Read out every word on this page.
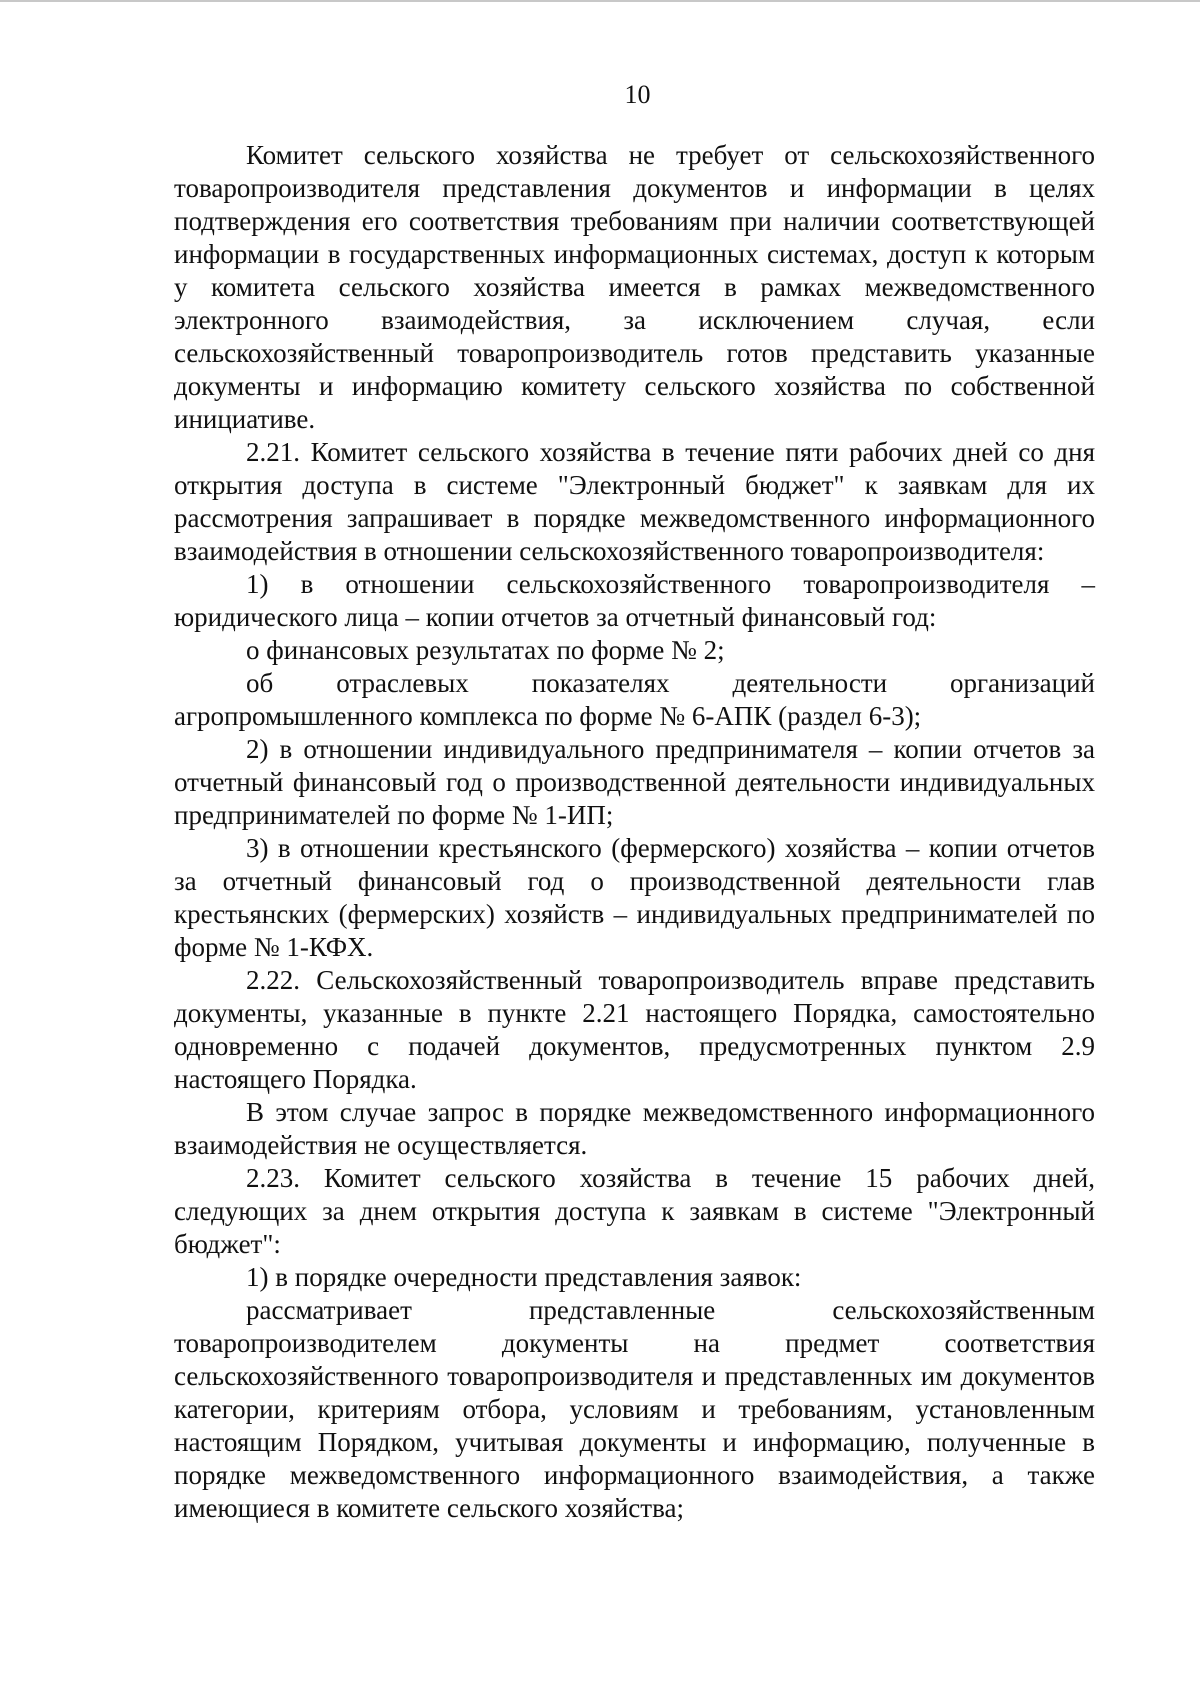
10

Комитет сельского хозяйства не требует от сельскохозяйственного товаропроизводителя представления документов и информации в целях подтверждения его соответствия требованиям при наличии соответствующей информации в государственных информационных системах, доступ к которым у комитета сельского хозяйства имеется в рамках межведомственного электронного взаимодействия, за исключением случая, если сельскохозяйственный товаропроизводитель готов представить указанные документы и информацию комитету сельского хозяйства по собственной инициативе.

2.21. Комитет сельского хозяйства в течение пяти рабочих дней со дня открытия доступа в системе "Электронный бюджет" к заявкам для их рассмотрения запрашивает в порядке межведомственного информационного взаимодействия в отношении сельскохозяйственного товаропроизводителя:

1) в отношении сельскохозяйственного товаропроизводителя – юридического лица – копии отчетов за отчетный финансовый год:

о финансовых результатах по форме № 2;

об отраслевых показателях деятельности организаций агропромышленного комплекса по форме № 6-АПК (раздел 6-3);

2) в отношении индивидуального предпринимателя – копии отчетов за отчетный финансовый год о производственной деятельности индивидуальных предпринимателей по форме № 1-ИП;

3) в отношении крестьянского (фермерского) хозяйства – копии отчетов за отчетный финансовый год о производственной деятельности глав крестьянских (фермерских) хозяйств – индивидуальных предпринимателей по форме № 1-КФХ.

2.22. Сельскохозяйственный товаропроизводитель вправе представить документы, указанные в пункте 2.21 настоящего Порядка, самостоятельно одновременно с подачей документов, предусмотренных пунктом 2.9 настоящего Порядка.

В этом случае запрос в порядке межведомственного информационного взаимодействия не осуществляется.

2.23. Комитет сельского хозяйства в течение 15 рабочих дней, следующих за днем открытия доступа к заявкам в системе "Электронный бюджет":

1) в порядке очередности представления заявок:

рассматривает представленные сельскохозяйственным товаропроизводителем документы на предмет соответствия сельскохозяйственного товаропроизводителя и представленных им документов категории, критериям отбора, условиям и требованиям, установленным настоящим Порядком, учитывая документы и информацию, полученные в порядке межведомственного информационного взаимодействия, а также имеющиеся в комитете сельского хозяйства;
